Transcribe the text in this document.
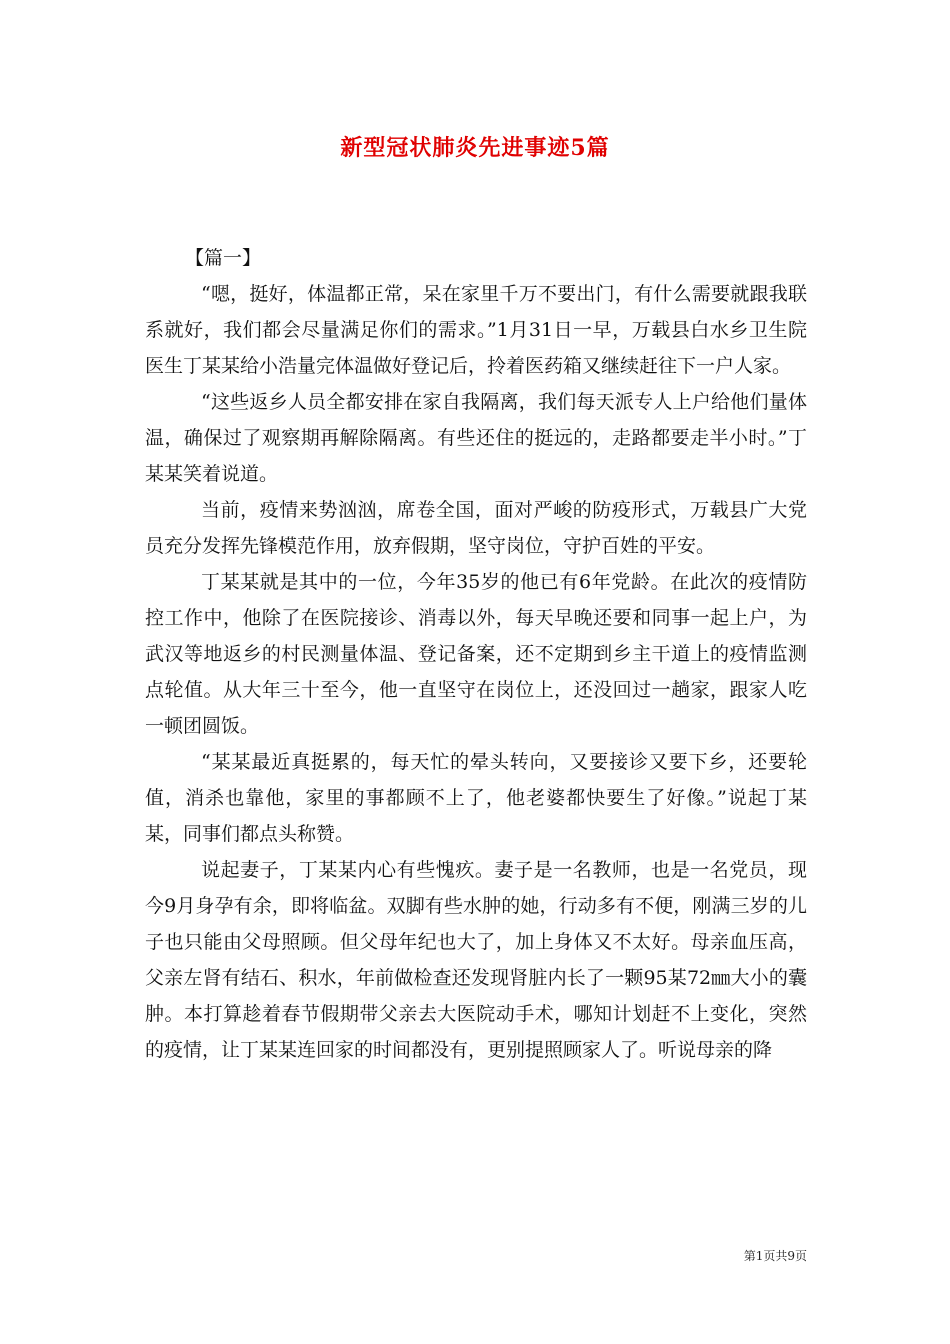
新型冠状肺炎先进事迹5篇

【篇一】

“嗯，挺好，体温都正常，呆在家里千万不要出门，有什么需要就跟我联系就好，我们都会尽量满足你们的需求。”1月31日一早，万载县白水乡卫生院医生丁某某给小浩量完体温做好登记后，拎着医药箱又继续赶往下一户人家。

“这些返乡人员全都安排在家自我隔离，我们每天派专人上户给他们量体温，确保过了观察期再解除隔离。有些还住的挺远的，走路都要走半小时。”丁某某笑着说道。

当前，疫情来势汹汹，席卷全国，面对严峻的防疫形式，万载县广大党员充分发挥先锋模范作用，放弃假期，坚守岗位，守护百姓的平安。

丁某某就是其中的一位，今年35岁的他已有6年党龄。在此次的疫情防控工作中，他除了在医院接诊、消毒以外，每天早晚还要和同事一起上户，为武汉等地返乡的村民测量体温、登记备案，还不定期到乡主干道上的疫情监测点轮值。从大年三十至今，他一直坚守在岗位上，还没回过一趟家，跟家人吃一顿团圆饭。

“某某最近真挺累的，每天忙的晕头转向，又要接诊又要下乡，还要轮值，消杀也靠他，家里的事都顾不上了，他老婆都快要生了好像。”说起丁某某，同事们都点头称赞。

说起妻子，丁某某内心有些愧疚。妻子是一名教师，也是一名党员，现今9月身孕有余，即将临盆。双脚有些水肿的她，行动多有不便，刚满三岁的儿子也只能由父母照顾。但父母年纪也大了，加上身体又不太好。母亲血压高，父亲左肾有结石、积水，年前做检查还发现肾脏内长了一颗95某72㎜大小的囊肿。本打算趁着春节假期带父亲去大医院动手术，哪知计划赶不上变化，突然的疫情，让丁某某连回家的时间都没有，更别提照顾家人了。听说母亲的降

第1页共9页
